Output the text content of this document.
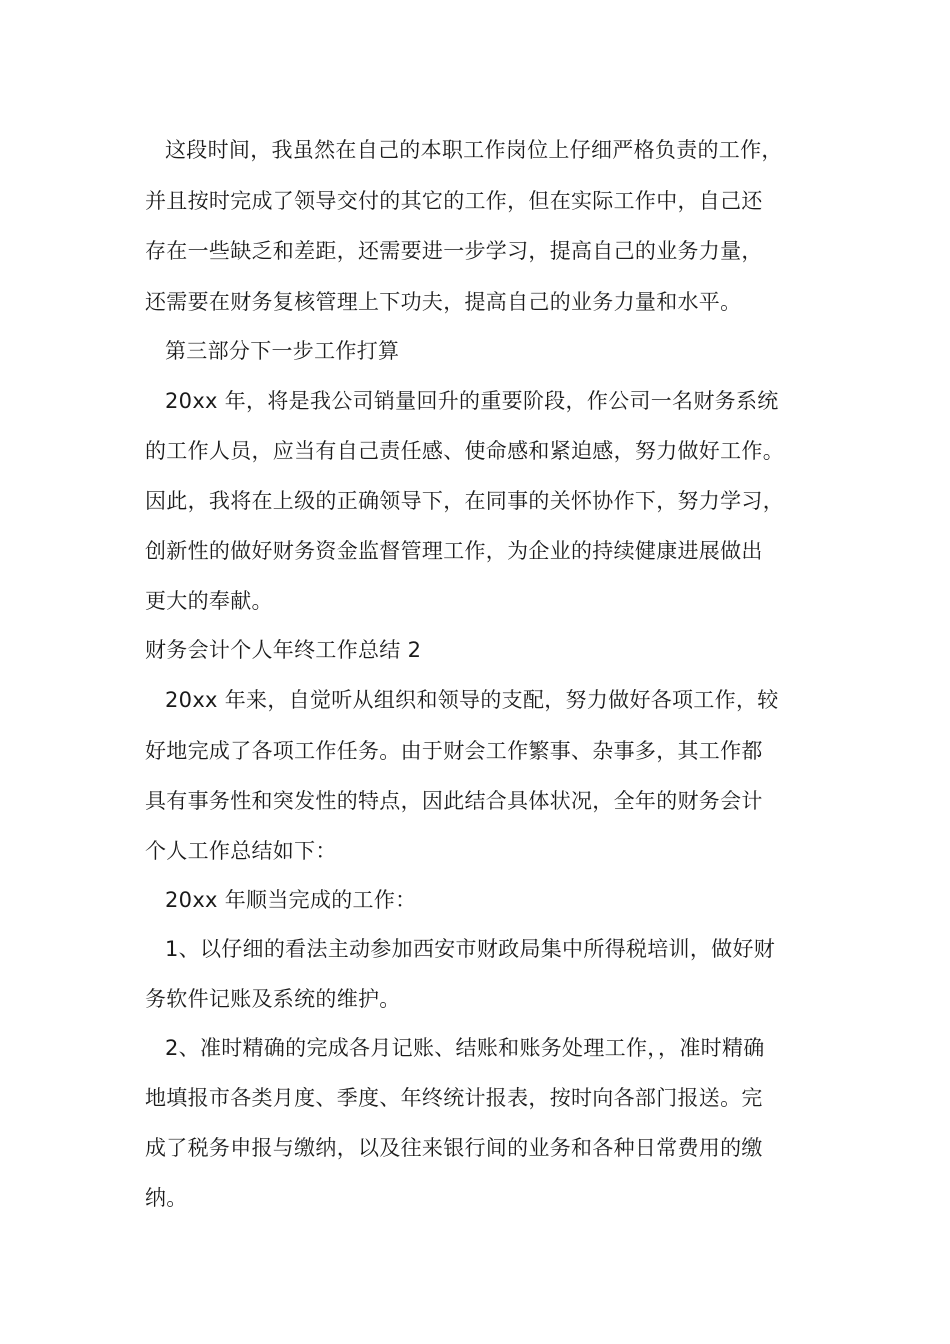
这段时间，我虽然在自己的本职工作岗位上仔细严格负责的工作，
并且按时完成了领导交付的其它的工作，但在实际工作中，自己还
存在一些缺乏和差距，还需要进一步学习，提高自己的业务力量，
还需要在财务复核管理上下功夫，提高自己的业务力量和水平。
第三部分下一步工作打算
20xx 年，将是我公司销量回升的重要阶段，作公司一名财务系统
的工作人员，应当有自己责任感、使命感和紧迫感，努力做好工作。
因此，我将在上级的正确领导下，在同事的关怀协作下，努力学习，
创新性的做好财务资金监督管理工作，为企业的持续健康进展做出
更大的奉献。
财务会计个人年终工作总结 2
20xx 年来，自觉听从组织和领导的支配，努力做好各项工作，较
好地完成了各项工作任务。由于财会工作繁事、杂事多，其工作都
具有事务性和突发性的特点，因此结合具体状况，全年的财务会计
个人工作总结如下：
20xx 年顺当完成的工作：
1、以仔细的看法主动参加西安市财政局集中所得税培训，做好财
务软件记账及系统的维护。
2、准时精确的完成各月记账、结账和账务处理工作，，准时精确
地填报市各类月度、季度、年终统计报表，按时向各部门报送。完
成了税务申报与缴纳，以及往来银行间的业务和各种日常费用的缴
纳。
